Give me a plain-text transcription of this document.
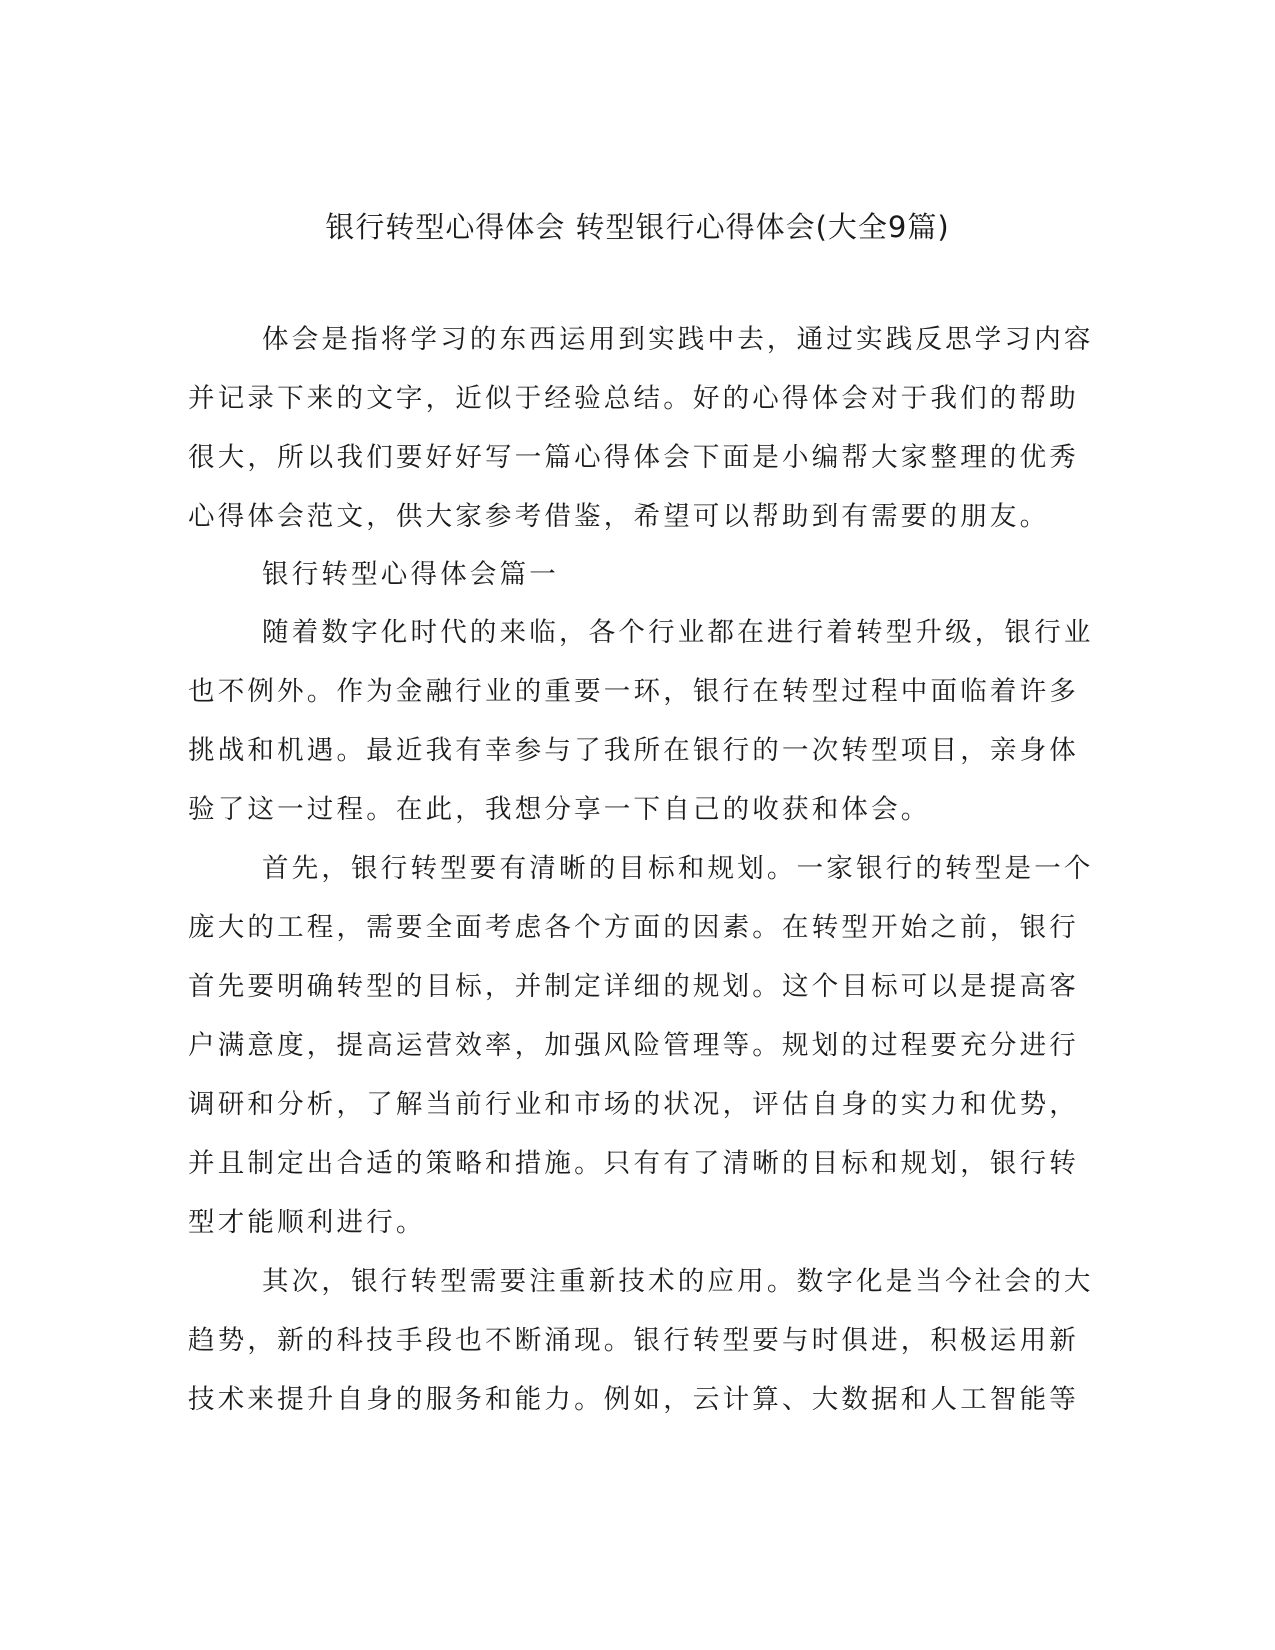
银行转型心得体会 转型银行心得体会(大全9篇)
体会是指将学习的东西运用到实践中去，通过实践反思学习内容
并记录下来的文字，近似于经验总结。好的心得体会对于我们的帮助
很大，所以我们要好好写一篇心得体会下面是小编帮大家整理的优秀
心得体会范文，供大家参考借鉴，希望可以帮助到有需要的朋友。
银行转型心得体会篇一
随着数字化时代的来临，各个行业都在进行着转型升级，银行业
也不例外。作为金融行业的重要一环，银行在转型过程中面临着许多
挑战和机遇。最近我有幸参与了我所在银行的一次转型项目，亲身体
验了这一过程。在此，我想分享一下自己的收获和体会。
首先，银行转型要有清晰的目标和规划。一家银行的转型是一个
庞大的工程，需要全面考虑各个方面的因素。在转型开始之前，银行
首先要明确转型的目标，并制定详细的规划。这个目标可以是提高客
户满意度，提高运营效率，加强风险管理等。规划的过程要充分进行
调研和分析，了解当前行业和市场的状况，评估自身的实力和优势，
并且制定出合适的策略和措施。只有有了清晰的目标和规划，银行转
型才能顺利进行。
其次，银行转型需要注重新技术的应用。数字化是当今社会的大
趋势，新的科技手段也不断涌现。银行转型要与时俱进，积极运用新
技术来提升自身的服务和能力。例如，云计算、大数据和人工智能等
